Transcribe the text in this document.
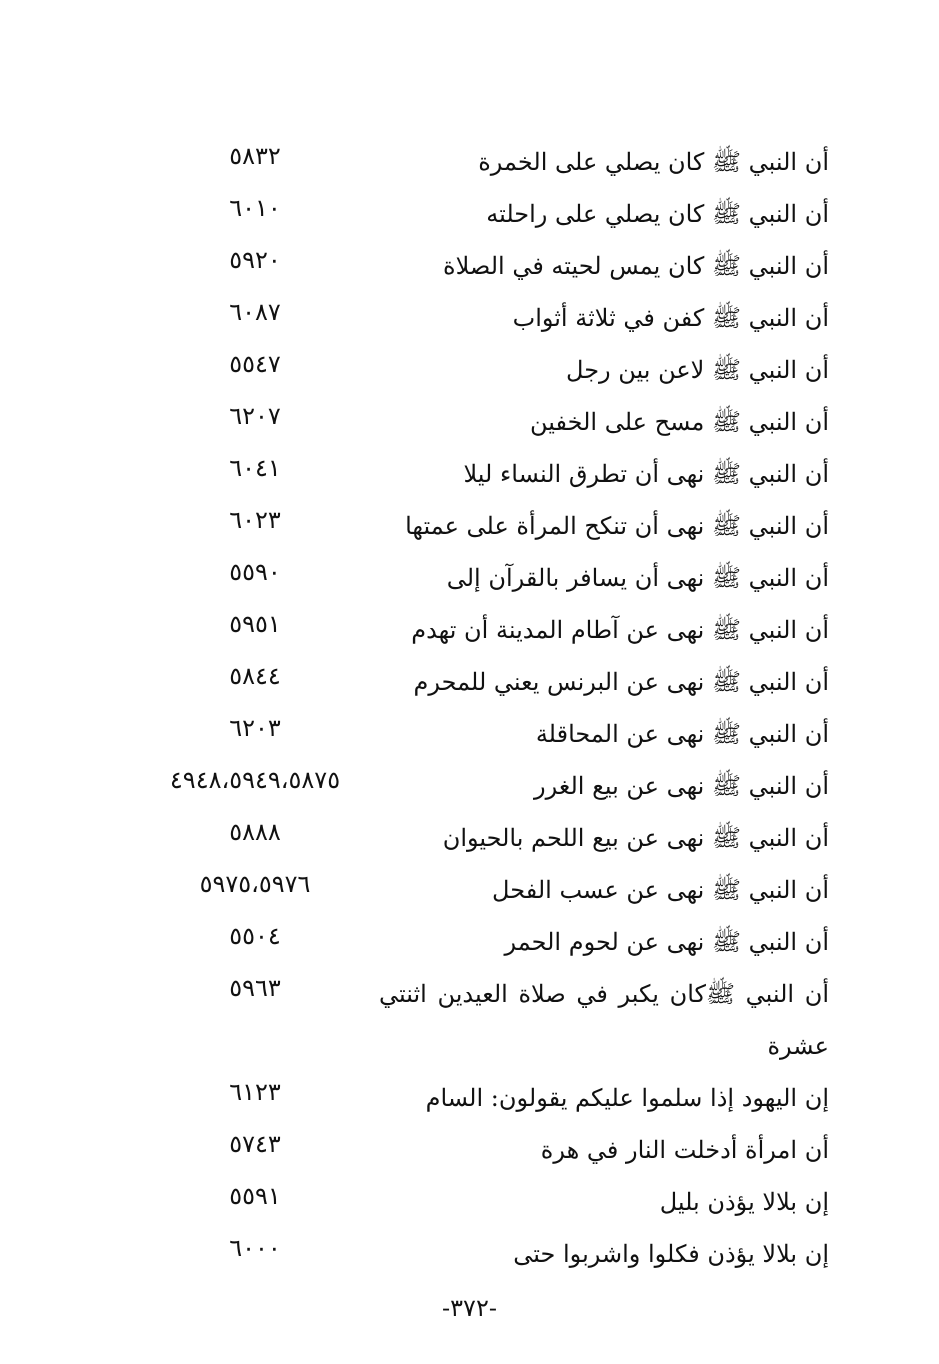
أن النبي ﷺ كان يصلي على الخمرة
٥٨٣٢
أن النبي ﷺ كان يصلي على راحلته
٦٠١٠
أن النبي ﷺ كان يمس لحيته في الصلاة
٥٩٢٠
أن النبي ﷺ كفن في ثلاثة أثواب
٦٠٨٧
أن النبي ﷺ لاعن بين رجل
٥٥٤٧
أن النبي ﷺ مسح على الخفين
٦٢٠٧
أن النبي ﷺ نهى أن تطرق النساء ليلا
٦٠٤١
أن النبي ﷺ نهى أن تنكح المرأة على عمتها
٦٠٢٣
أن النبي ﷺ نهى أن يسافر بالقرآن إلى
٥٥٩٠
أن النبي ﷺ نهى عن آطام المدينة أن تهدم
٥٩٥١
أن النبي ﷺ نهى عن البرنس يعني للمحرم
٥٨٤٤
أن النبي ﷺ نهى عن المحاقلة
٦٢٠٣
أن النبي ﷺ نهى عن بيع الغرر
٤٩٤٨،٥٩٤٩،٥٨٧٥
أن النبي ﷺ نهى عن بيع اللحم بالحيوان
٥٨٨٨
أن النبي ﷺ نهى عن عسب الفحل
٥٩٧٥،٥٩٧٦
أن النبي ﷺ نهى عن لحوم الحمر
٥٥٠٤
أن النبي ﷺكان يكبر في صلاة العيدين اثنتي عشرة
٥٩٦٣
إن اليهود إذا سلموا عليكم يقولون: السام
٦١٢٣
أن امرأة أدخلت النار في هرة
٥٧٤٣
إن بلالا يؤذن بليل
٥٥٩١
إن بلالا يؤذن فكلوا واشربوا حتى
٦٠٠٠
-٣٧٢-
